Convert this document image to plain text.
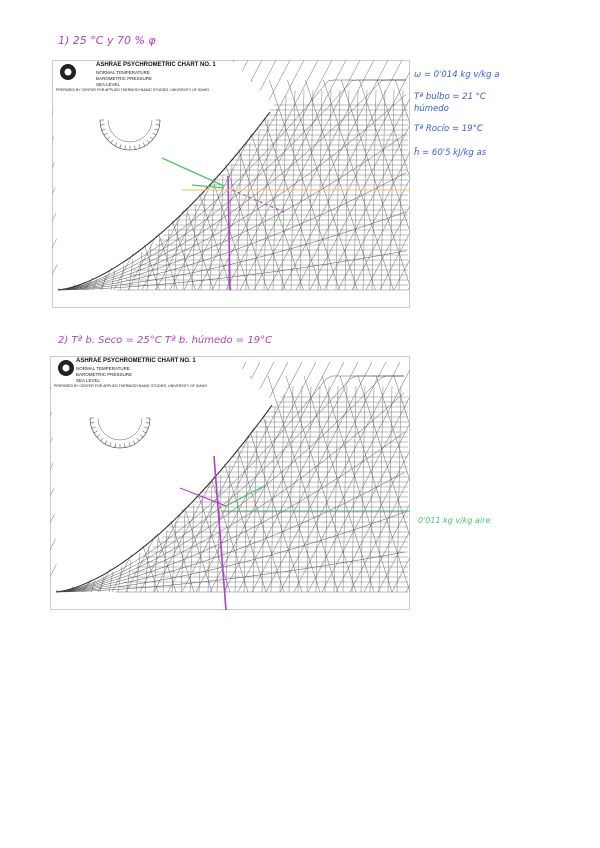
1) 25 °C y 70 % φ
ASHRAE PSYCHROMETRIC CHART NO. 1
NORMAL TEMPERATURE
BAROMETRIC PRESSURE
SEA LEVEL
PREPARED BY CENTER FOR APPLIED THERMODYNAMIC STUDIES, UNIVERSITY OF IDAHO
ω = 0'014 kg v/kg a
Tª bulbo = 21 °C
húmedo
Tª Rocío = 19°C
h̄ = 60'5 kJ/kg as
2) Tª b. Seco = 25°C Tª b. húmedo = 19°C
ASHRAE PSYCHROMETRIC CHART NO. 1
NORMAL TEMPERATURE
BAROMETRIC PRESSURE
SEA LEVEL
PREPARED BY CENTER FOR APPLIED THERMODYNAMIC STUDIES, UNIVERSITY OF IDAHO
0'011 kg v/kg aire
